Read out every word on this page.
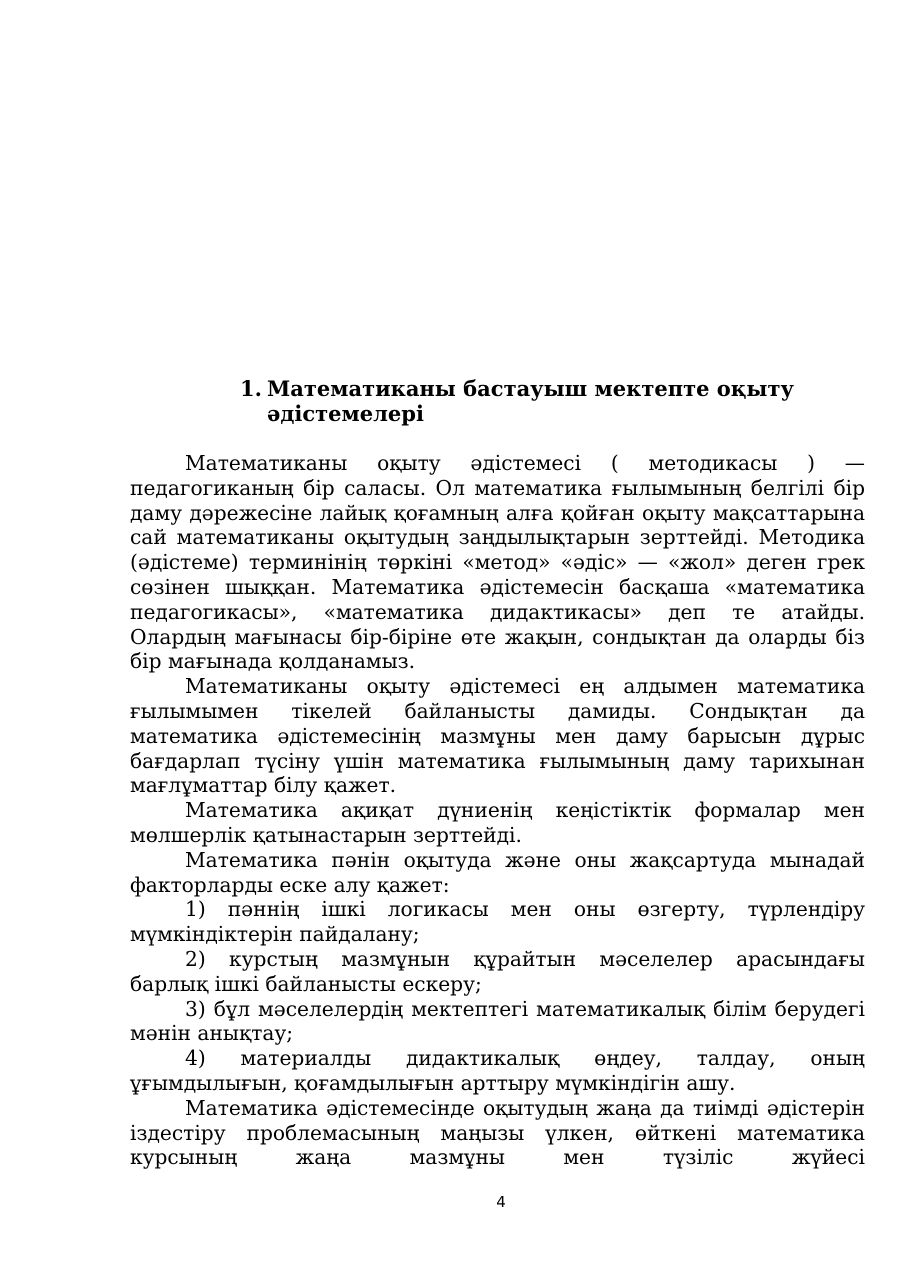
1. Математиканы бастауыш мектепте оқыту әдістемелері

Математиканы оқыту әдістемесі ( методикасы ) — педагогиканың бір саласы. Ол математика ғылымының белгілі бір даму дәрежесіне лайық қоғамның алға қойған оқыту мақсаттарына сай математиканы оқытудың заңдылықтарын зерттейді. Методика (әдістеме) терминінің төркіні «метод» «әдіс» — «жол» деген грек сөзінен шыққан. Математика әдістемесін басқаша «математика педагогикасы», «математика дидактикасы» деп те атайды. Олардың мағынасы бір-біріне өте жақын, сондықтан да оларды біз бір мағынада қолданамыз.

Математиканы оқыту әдістемесі ең алдымен математика ғылымымен тікелей байланысты дамиды. Сондықтан да математика әдістемесінің мазмұны мен даму барысын дұрыс бағдарлап түсіну үшін математика ғылымының даму тарихынан мағлұматтар білу қажет.

Математика ақиқат дүниенің кеңістіктік формалар мен мөлшерлік қатынастарын зерттейді.

Математика пәнін оқытуда және оны жақсартуда мынадай факторларды еске алу қажет:

1) пәннің ішкі логикасы мен оны өзгерту, түрлендіру мүмкіндіктерін пайдалану;

2) курстың мазмұнын құрайтын мәселелер арасындағы барлық ішкі байланысты ескеру;

3) бұл мәселелердің мектептегі математикалық білім берудегі мәнін анықтау;

4) материалды дидактикалық өңдеу, талдау, оның ұғымдылығын, қоғамдылығын арттыру мүмкіндігін ашу.

Математика әдістемесінде оқытудың жаңа да тиімді әдістерін іздестіру проблемасының маңызы үлкен, өйткені математика курсының жаңа мазмұны мен түзіліс жүйесі

4
